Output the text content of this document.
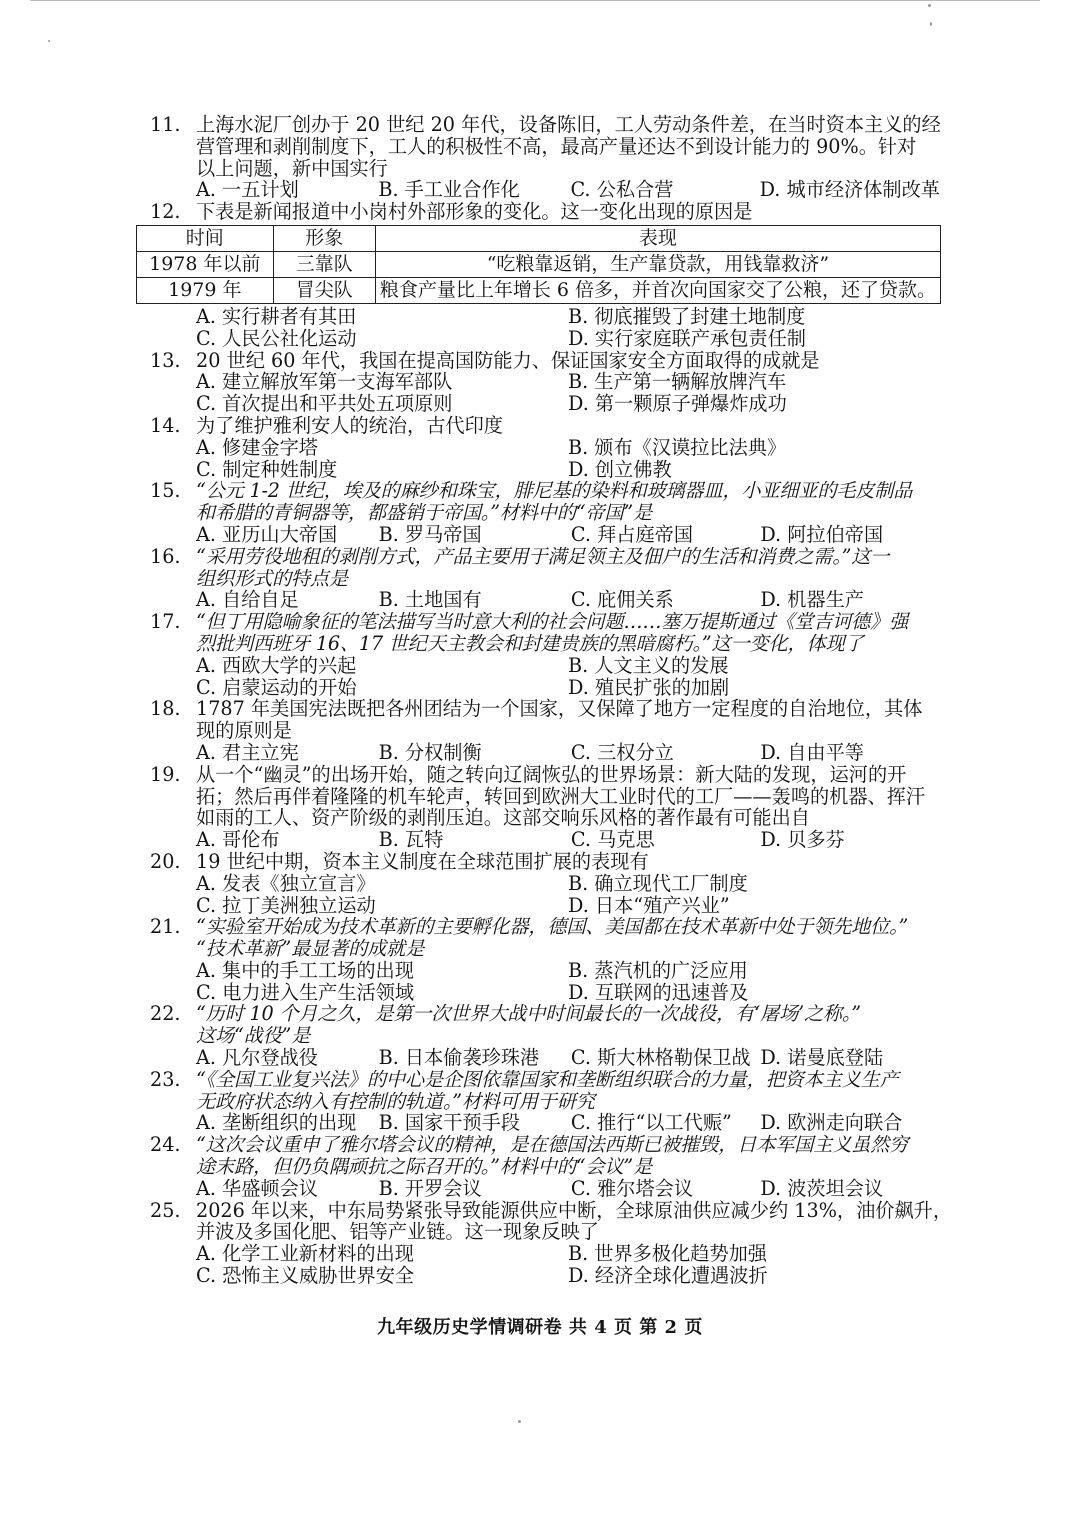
11. 上海水泥厂创办于 20 世纪 20 年代，设备陈旧，工人劳动条件差，在当时资本主义的经
营管理和剥削制度下，工人的积极性不高，最高产量还达不到设计能力的 90%。针对
以上问题，新中国实行
A. 一五计划	B. 手工业合作化	C. 公私合营	D. 城市经济体制改革
12. 下表是新闻报道中小岗村外部形象的变化。这一变化出现的原因是
时间	形象	表现
1978 年以前	三靠队	“吃粮靠返销，生产靠贷款，用钱靠救济”
1979 年	冒尖队	粮食产量比上年增长 6 倍多，并首次向国家交了公粮，还了贷款。
A. 实行耕者有其田	B. 彻底摧毁了封建土地制度
C. 人民公社化运动	D. 实行家庭联产承包责任制
13. 20 世纪 60 年代，我国在提高国防能力、保证国家安全方面取得的成就是
A. 建立解放军第一支海军部队	B. 生产第一辆解放牌汽车
C. 首次提出和平共处五项原则	D. 第一颗原子弹爆炸成功
14. 为了维护雅利安人的统治，古代印度
A. 修建金字塔	B. 颁布《汉谟拉比法典》
C. 制定种姓制度	D. 创立佛教
15. “公元 1-2 世纪，埃及的麻纱和珠宝，腓尼基的染料和玻璃器皿，小亚细亚的毛皮制品
和希腊的青铜器等，都盛销于帝国。”材料中的“帝国”是
A. 亚历山大帝国	B. 罗马帝国	C. 拜占庭帝国	D. 阿拉伯帝国
16. “采用劳役地租的剥削方式，产品主要用于满足领主及佃户的生活和消费之需。”这一
组织形式的特点是
A. 自给自足	B. 土地国有	C. 庇佣关系	D. 机器生产
17. “但丁用隐喻象征的笔法描写当时意大利的社会问题……塞万提斯通过《堂吉诃德》强
烈批判西班牙 16、17 世纪天主教会和封建贵族的黑暗腐朽。”这一变化，体现了
A. 西欧大学的兴起	B. 人文主义的发展
C. 启蒙运动的开始	D. 殖民扩张的加剧
18. 1787 年美国宪法既把各州团结为一个国家，又保障了地方一定程度的自治地位，其体
现的原则是
A. 君主立宪	B. 分权制衡	C. 三权分立	D. 自由平等
19. 从一个“幽灵”的出场开始，随之转向辽阔恢弘的世界场景：新大陆的发现，运河的开
拓；然后再伴着隆隆的机车轮声，转回到欧洲大工业时代的工厂——轰鸣的机器、挥汗
如雨的工人、资产阶级的剥削压迫。这部交响乐风格的著作最有可能出自
A. 哥伦布	B. 瓦特	C. 马克思	D. 贝多芬
20. 19 世纪中期，资本主义制度在全球范围扩展的表现有
A. 发表《独立宣言》	B. 确立现代工厂制度
C. 拉丁美洲独立运动	D. 日本“殖产兴业”
21. “实验室开始成为技术革新的主要孵化器，德国、美国都在技术革新中处于领先地位。”
“技术革新”最显著的成就是
A. 集中的手工工场的出现	B. 蒸汽机的广泛应用
C. 电力进入生产生活领域	D. 互联网的迅速普及
22. “历时 10 个月之久，是第一次世界大战中时间最长的一次战役，有‘屠场’之称。”
这场“战役”是
A. 凡尔登战役	B. 日本偷袭珍珠港	C. 斯大林格勒保卫战 D. 诺曼底登陆
23. “《全国工业复兴法》的中心是企图依靠国家和垄断组织联合的力量，把资本主义生产
无政府状态纳入有控制的轨道。”材料可用于研究
A. 垄断组织的出现	B. 国家干预手段	C. 推行“以工代赈”	D. 欧洲走向联合
24. “这次会议重申了雅尔塔会议的精神，是在德国法西斯已被摧毁，日本军国主义虽然穷
途末路，但仍负隅顽抗之际召开的。”材料中的“会议”是
A. 华盛顿会议	B. 开罗会议	C. 雅尔塔会议	D. 波茨坦会议
25. 2026 年以来，中东局势紧张导致能源供应中断，全球原油供应减少约 13%，油价飙升，
并波及多国化肥、铝等产业链。这一现象反映了
A. 化学工业新材料的出现	B. 世界多极化趋势加强
C. 恐怖主义威胁世界安全	D. 经济全球化遭遇波折
九年级历史学情调研卷 共 4 页 第 2 页
